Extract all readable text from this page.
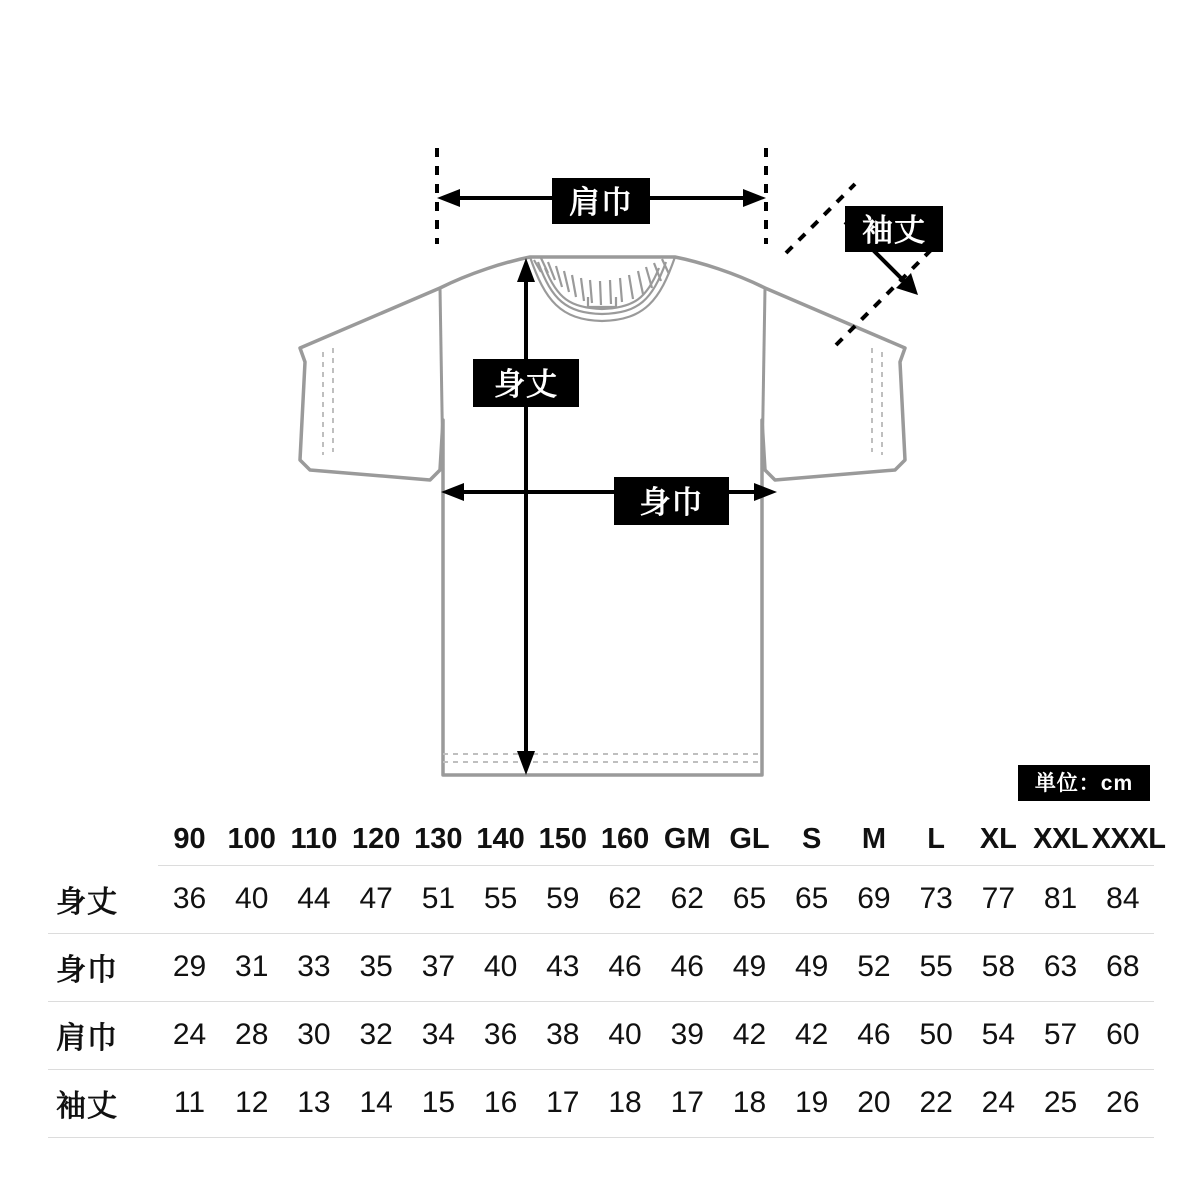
肩巾
袖丈
身丈
身巾
単位：cm
	90	100	110	120	130	140	150	160	GM	GL	S	M	L	XL	XXL	XXXL
身丈	36	40	44	47	51	55	59	62	62	65	65	69	73	77	81	84
身巾	29	31	33	35	37	40	43	46	46	49	49	52	55	58	63	68
肩巾	24	28	30	32	34	36	38	40	39	42	42	46	50	54	57	60
袖丈	11	12	13	14	15	16	17	18	17	18	19	20	22	24	25	26
